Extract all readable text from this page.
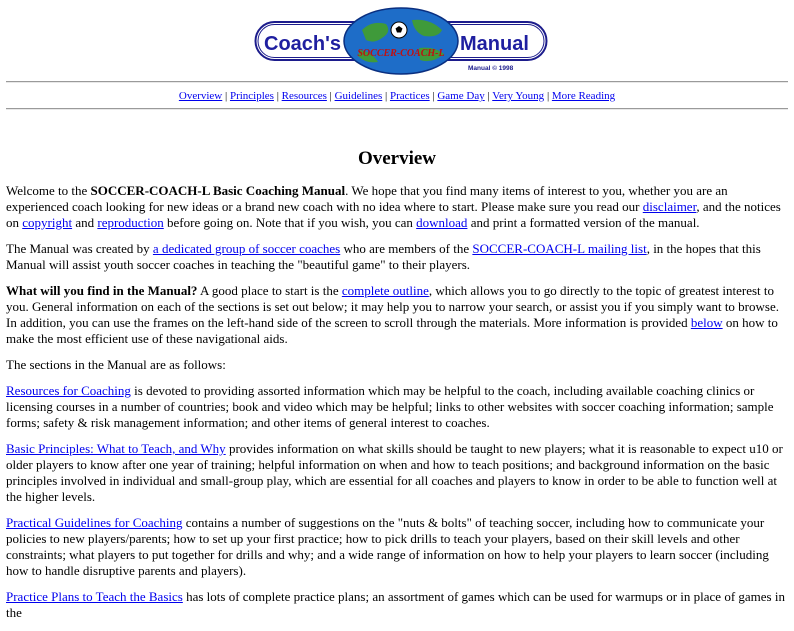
Coach's	Manual
SOCCER-COACH-L
Manual © 1998
Overview | Principles | Resources | Guidelines | Practices | Game Day | Very Young | More Reading
Overview

Welcome to the SOCCER-COACH-L Basic Coaching Manual. We hope that you find many items of interest to you, whether you are an experienced coach looking for new ideas or a brand new coach with no idea where to start. Please make sure you read our disclaimer, and the notices on copyright and reproduction before going on. Note that if you wish, you can download and print a formatted version of the manual.

The Manual was created by a dedicated group of soccer coaches who are members of the SOCCER-COACH-L mailing list, in the hopes that this Manual will assist youth soccer coaches in teaching the "beautiful game" to their players.

What will you find in the Manual? A good place to start is the complete outline, which allows you to go directly to the topic of greatest interest to you. General information on each of the sections is set out below; it may help you to narrow your search, or assist you if you simply want to browse. In addition, you can use the frames on the left-hand side of the screen to scroll through the materials. More information is provided below on how to make the most efficient use of these navigational aids.

The sections in the Manual are as follows:

Resources for Coaching is devoted to providing assorted information which may be helpful to the coach, including available coaching clinics or licensing courses in a number of countries; book and video which may be helpful; links to other websites with soccer coaching information; sample forms; safety & risk management information; and other items of general interest to coaches.

Basic Principles: What to Teach, and Why provides information on what skills should be taught to new players; what it is reasonable to expect u10 or older players to know after one year of training; helpful information on when and how to teach positions; and background information on the basic principles involved in individual and small-group play, which are essential for all coaches and players to know in order to be able to function well at the higher levels.

Practical Guidelines for Coaching contains a number of suggestions on the "nuts & bolts" of teaching soccer, including how to communicate your policies to new players/parents; how to set up your first practice; how to pick drills to teach your players, based on their skill levels and other constraints; what players to put together for drills and why; and a wide range of information on how to help your players to learn soccer (including how to handle disruptive parents and players).

Practice Plans to Teach the Basics has lots of complete practice plans; an assortment of games which can be used for warmups or in place of games in the
